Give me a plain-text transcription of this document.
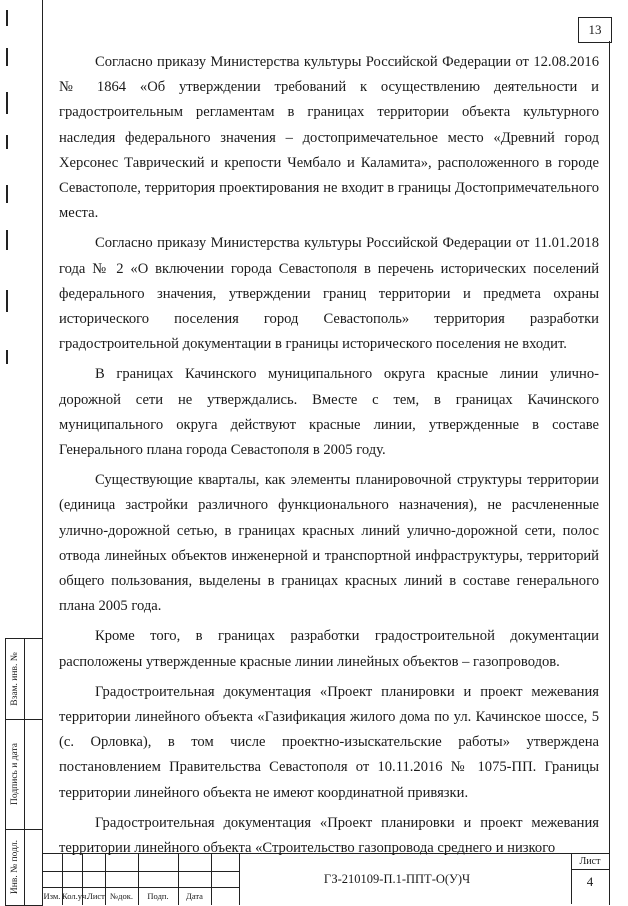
13

Согласно приказу Министерства культуры Российской Федерации от 12.08.2016 № 1864 «Об утверждении требований к осуществлению деятельности и градостроительным регламентам в границах территории объекта культурного наследия федерального значения – достопримечательное место «Древний город Херсонес Таврический и крепости Чембало и Каламита», расположенного в городе Севастополе, территория проектирования не входит в границы Достопримечательного места.

Согласно приказу Министерства культуры Российской Федерации от 11.01.2018 года № 2 «О включении города Севастополя в перечень исторических поселений федерального значения, утверждении границ территории и предмета охраны исторического поселения город Севастополь» территория разработки градостроительной документации в границы исторического поселения не входит.

В границах Качинского муниципального округа красные линии улично-дорожной сети не утверждались. Вместе с тем, в границах Качинского муниципального округа действуют красные линии, утвержденные в составе Генерального плана города Севастополя в 2005 году.

Существующие кварталы, как элементы планировочной структуры территории (единица застройки различного функционального назначения), не расчлененные улично-дорожной сетью, в границах красных линий улично-дорожной сети, полос отвода линейных объектов инженерной и транспортной инфраструктуры, территорий общего пользования, выделены в границах красных линий в составе генерального плана 2005 года.

Кроме того, в границах разработки градостроительной документации расположены утвержденные красные линии линейных объектов – газопроводов.

Градостроительная документация «Проект планировки и проект межевания территории линейного объекта «Газификация жилого дома по ул. Качинское шоссе, 5 (с. Орловка), в том числе проектно-изыскательские работы» утверждена постановлением Правительства Севастополя от 10.11.2016 № 1075-ПП. Границы территории линейного объекта не имеют координатной привязки.

Градостроительная документация «Проект планировки и проект межевания территории линейного объекта «Строительство газопровода среднего и низкого

Взам. инв. №
Подпись и дата
Инв. № подл.
Изм. Кол.уч.
Лист №док.	Подп.	Дата
ГЗ-210109-П.1-ППТ-О(У)Ч
Лист
4
